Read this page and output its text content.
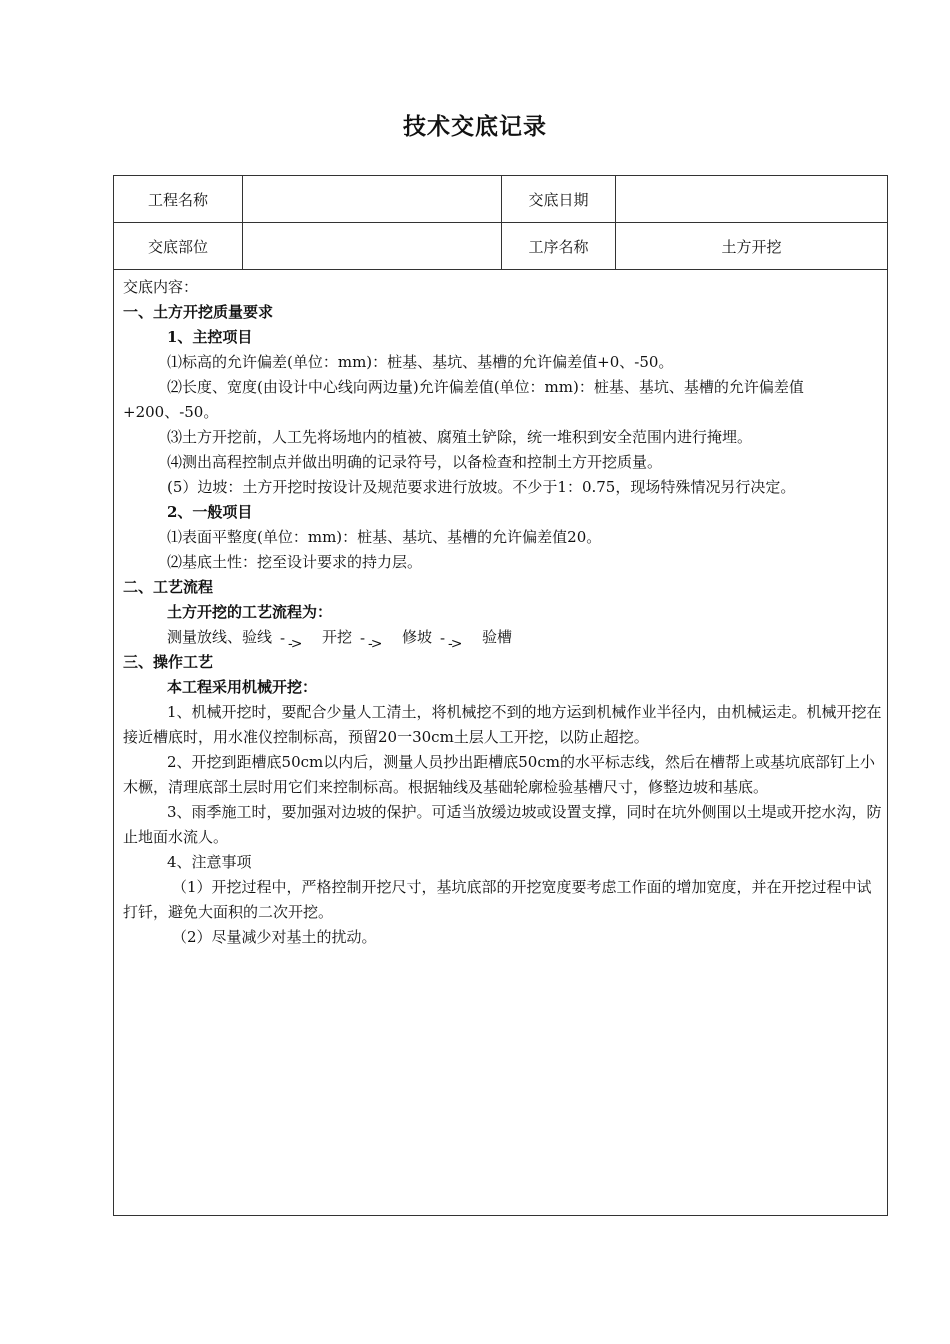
技术交底记录
工程名称		交底日期	
交底部位		工序名称	土方开挖

交底内容：

一、土方开挖质量要求

1、主控项目

⑴标高的允许偏差(单位：mm)：桩基、基坑、基槽的允许偏差值+0、-50。

⑵长度、宽度(由设计中心线向两边量)允许偏差值(单位：mm)：桩基、基坑、基槽的允许偏差值+200、-50。

⑶土方开挖前，人工先将场地内的植被、腐殖土铲除，统一堆积到安全范围内进行掩埋。

⑷测出高程控制点并做出明确的记录符号，以备检查和控制土方开挖质量。

(5）边坡：土方开挖时按设计及规范要求进行放坡。不少于1：0.75，现场特殊情况另行决定。

2、一般项目

⑴表面平整度(单位：mm)：桩基、基坑、基槽的允许偏差值20。

⑵基底土性：挖至设计要求的持力层。

二、工艺流程

土方开挖的工艺流程为：

测量放线、验线 - ->	开挖 - ->	修坡 - ->	验槽

三、操作工艺

本工程采用机械开挖：

1、机械开挖时，要配合少量人工清土，将机械挖不到的地方运到机械作业半径内，由机械运走。机械开挖在接近槽底时，用水准仪控制标高，预留20一30cm土层人工开挖，以防止超挖。

2、开挖到距槽底50cm以内后，测量人员抄出距槽底50cm的水平标志线，然后在槽帮上或基坑底部钉上小木橛，清理底部土层时用它们来控制标高。根据轴线及基础轮廓检验基槽尺寸，修整边坡和基底。

3、雨季施工时，要加强对边坡的保护。可适当放缓边坡或设置支撑，同时在坑外侧围以土堤或开挖水沟，防止地面水流人。

4、注意事项

（1）开挖过程中，严格控制开挖尺寸，基坑底部的开挖宽度要考虑工作面的增加宽度，并在开挖过程中试打钎，避免大面积的二次开挖。

（2）尽量减少对基土的扰动。
